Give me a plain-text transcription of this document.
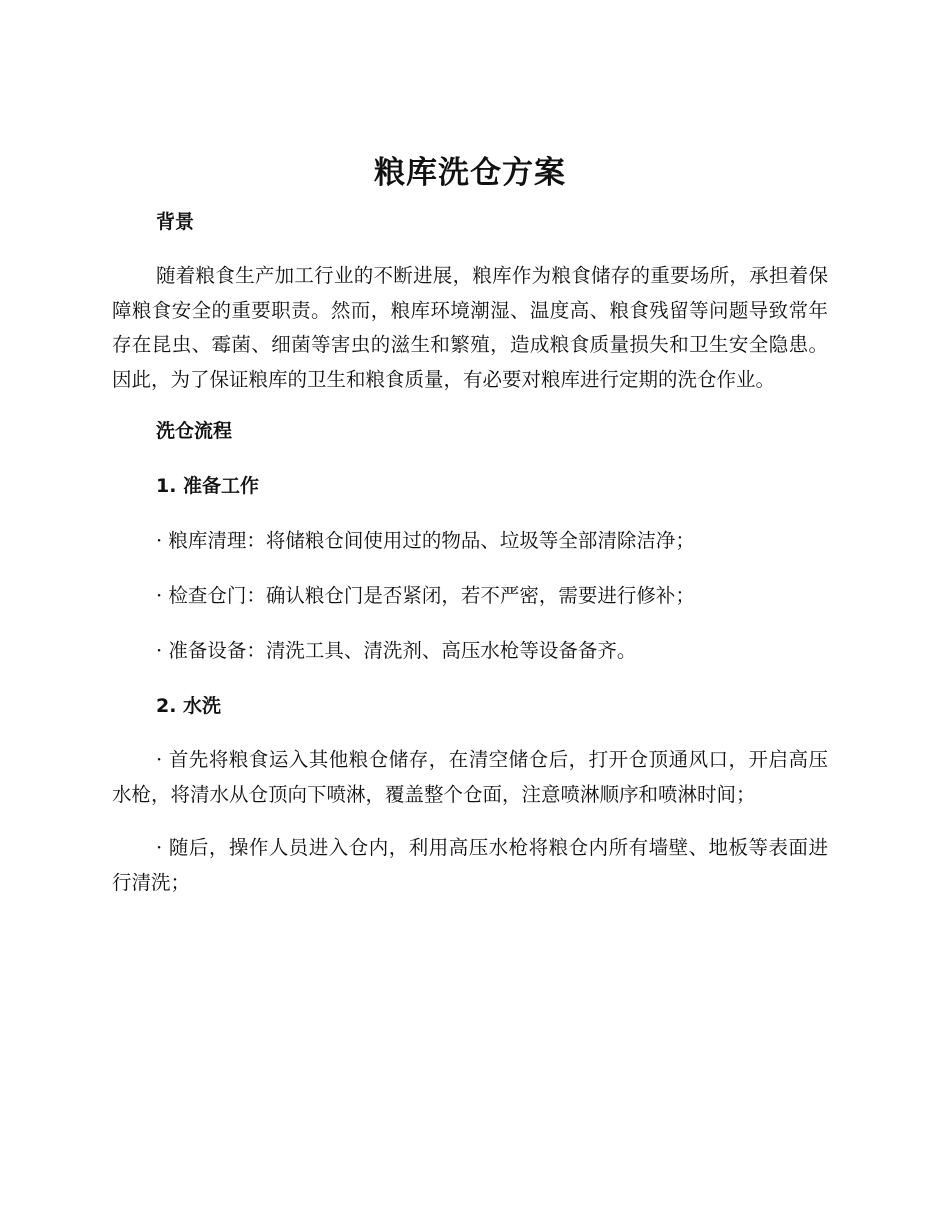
粮库洗仓方案
背景

随着粮食生产加工行业的不断进展，粮库作为粮食储存的重要场所，承担着保障粮食安全的重要职责。然而，粮库环境潮湿、温度高、粮食残留等问题导致常年存在昆虫、霉菌、细菌等害虫的滋生和繁殖，造成粮食质量损失和卫生安全隐患。因此，为了保证粮库的卫生和粮食质量，有必要对粮库进行定期的洗仓作业。

洗仓流程
1. 准备工作

· 粮库清理：将储粮仓间使用过的物品、垃圾等全部清除洁净；

· 检查仓门：确认粮仓门是否紧闭，若不严密，需要进行修补；

· 准备设备：清洗工具、清洗剂、高压水枪等设备备齐。

2. 水洗

· 首先将粮食运入其他粮仓储存，在清空储仓后，打开仓顶通风口，开启高压水枪，将清水从仓顶向下喷淋，覆盖整个仓面，注意喷淋顺序和喷淋时间；

· 随后，操作人员进入仓内，利用高压水枪将粮仓内所有墙壁、地板等表面进行清洗；
